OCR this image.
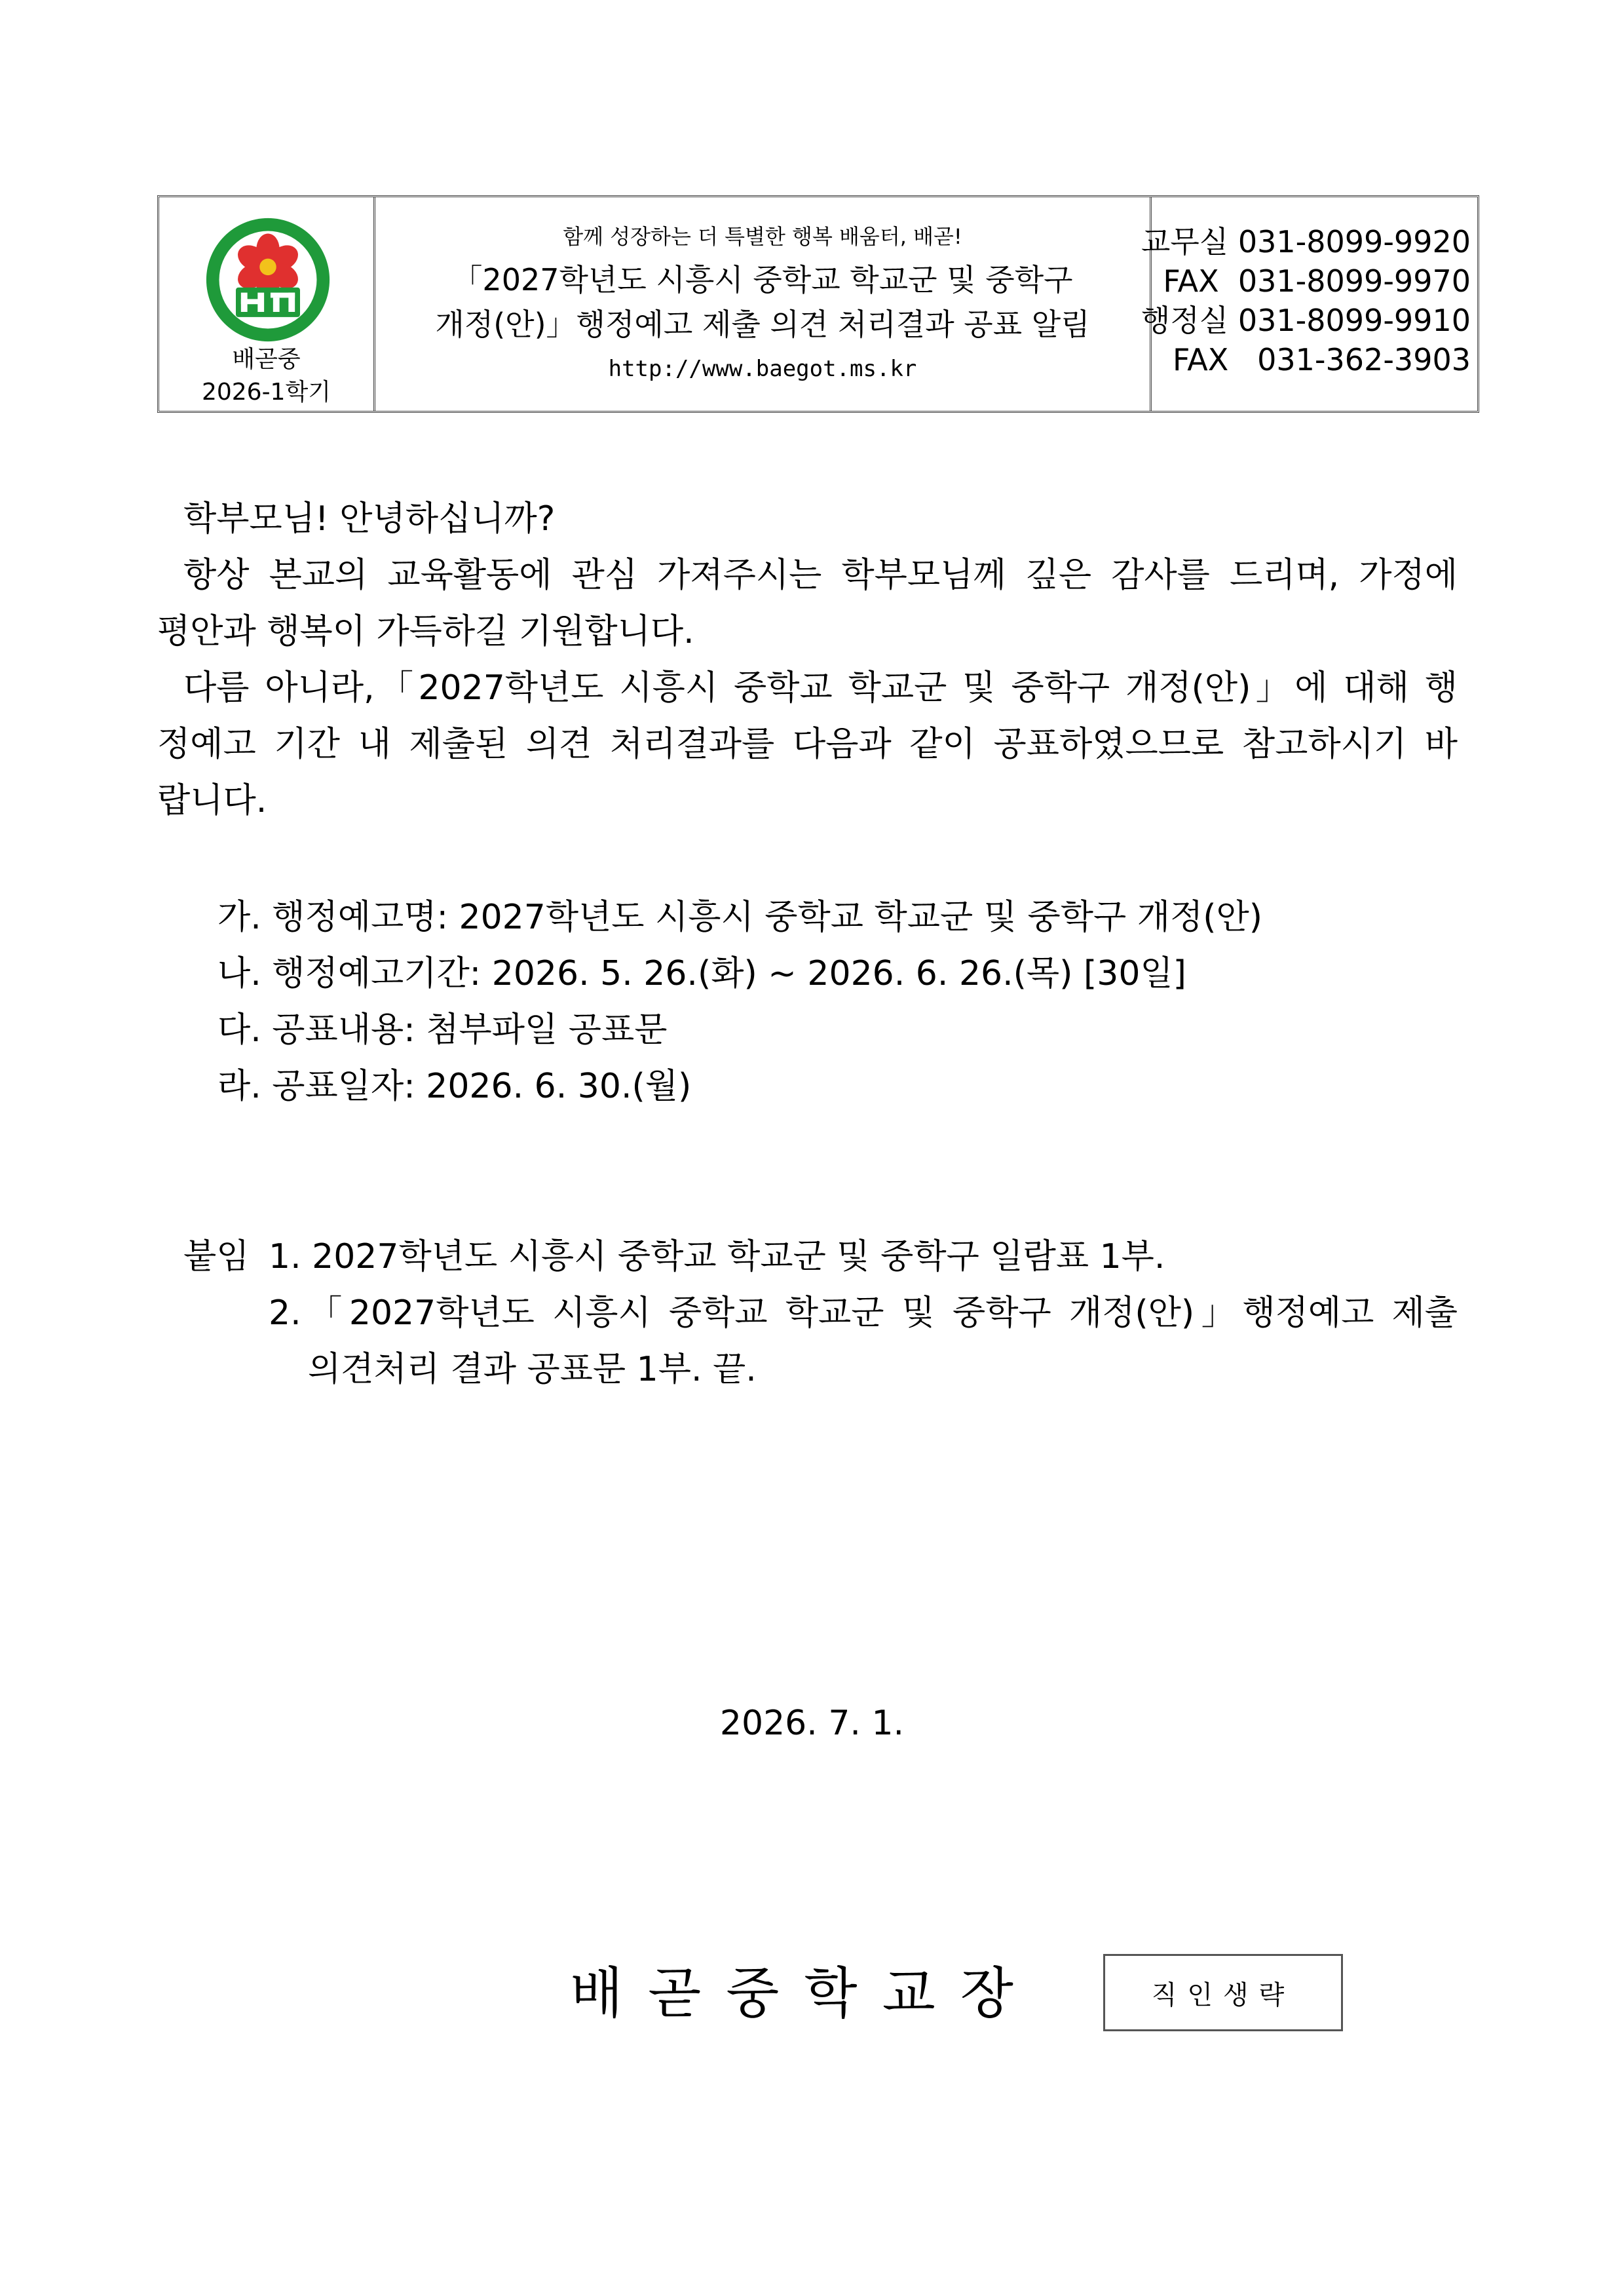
배곧중
2026-1학기
함께 성장하는 더 특별한 행복 배움터, 배곧!
「2027학년도 시흥시 중학교 학교군 및 중학구
개정(안)」행정예고 제출 의견 처리결과 공표 알림
http://www.baegot.ms.kr
교무실 031-8099-9920
FAX 031-8099-9970
행정실 031-8099-9910
FAX 031-362-3903
학부모님! 안녕하십니까?
항상 본교의 교육활동에 관심 가져주시는 학부모님께 깊은 감사를 드리며, 가정에
평안과 행복이 가득하길 기원합니다.
다름 아니라,「2027학년도 시흥시 중학교 학교군 및 중학구 개정(안)」에 대해 행
정예고 기간 내 제출된 의견 처리결과를 다음과 같이 공표하였으므로 참고하시기 바
랍니다.
가. 행정예고명: 2027학년도 시흥시 중학교 학교군 및 중학구 개정(안)
나. 행정예고기간: 2026. 5. 26.(화) ~ 2026. 6. 26.(목) [30일]
다. 공표내용: 첨부파일 공표문
라. 공표일자: 2026. 6. 30.(월)
붙임 1. 2027학년도 시흥시 중학교 학교군 및 중학구 일람표 1부.
2.「2027학년도 시흥시 중학교 학교군 및 중학구 개정(안)」행정예고 제출
의견처리 결과 공표문 1부. 끝.
2026. 7. 1.
배곧중학교장	직인생략
